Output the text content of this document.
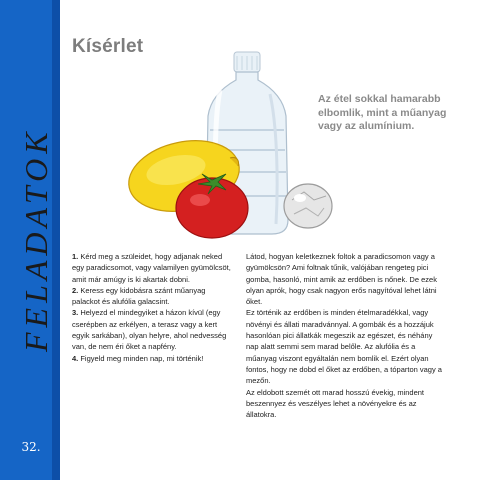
FELADATOK
32.
Kísérlet
Az étel sokkal hamarabb elbomlik, mint a műanyag vagy az alumínium.
1. Kérd meg a szüleidet, hogy adjanak neked egy paradicsomot, vagy valamilyen gyümölcsöt, amit már amúgy is ki akartak dobni.
2. Keress egy kidobásra szánt műanyag palackot és alufólia galacsint.
3. Helyezd el mindegyiket a házon kívül (egy cserépben az erkélyen, a terasz vagy a kert egyik sarkában), olyan helyre, ahol nedvesség van, de nem éri őket a napfény.
4. Figyeld meg minden nap, mi történik!

Látod, hogyan keletkeznek foltok a paradicsomon vagy a gyümölcsön? Ami foltnak tűnik, valójában rengeteg pici gomba, hasonló, mint amik az erdőben is nőnek. De ezek olyan aprók, hogy csak nagyon erős nagyítóval lehet látni őket.

Ez történik az erdőben is minden ételmaradékkal, vagy növényi és állati maradvánnyal. A gombák és a hozzájuk hasonlóan pici állatkák megeszik az egészet, és néhány nap alatt semmi sem marad belőle. Az alufólia és a műanyag viszont egyáltalán nem bomlik el. Ezért olyan fontos, hogy ne dobd el őket az erdőben, a tóparton vagy a mezőn.

Az eldobott szemét ott marad hosszú évekig, mindent beszennyez és veszélyes lehet a növényekre és az állatokra.
